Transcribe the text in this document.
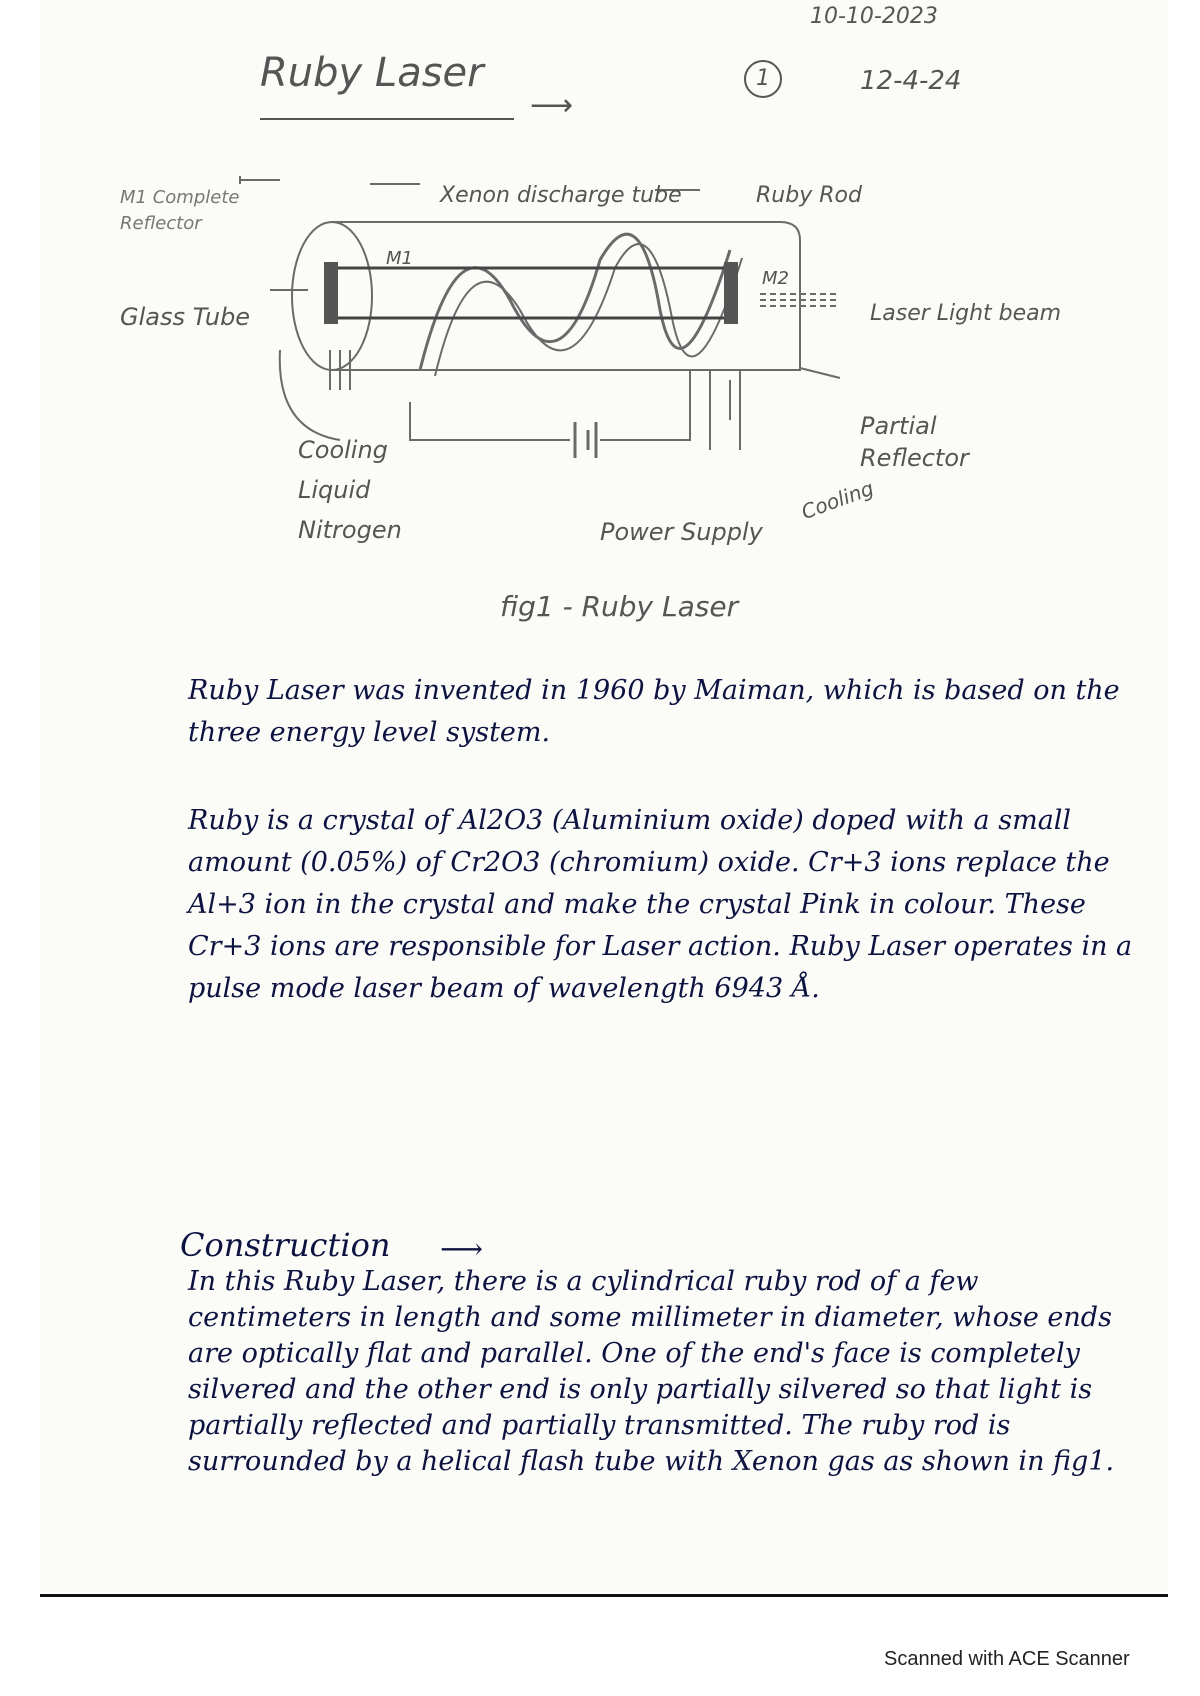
10-10-2023
1	12-4-24
Ruby Laser
⟶
M1 Complete Reflector
Glass Tube
Xenon discharge tube	Ruby Rod
M1
M2
Laser Light beam
Partial Reflector
Cooling Liquid Nitrogen
Cooling
Power Supply
fig1 - Ruby Laser
Ruby Laser was invented in 1960 by Maiman, which is based on the three energy level system.
Ruby is a crystal of Al2O3 (Aluminium oxide) doped with a small amount (0.05%) of Cr2O3 (chromium) oxide. Cr+3 ions replace the Al+3 ion in the crystal and make the crystal Pink in colour. These Cr+3 ions are responsible for Laser action. Ruby Laser operates in a pulse mode laser beam of wavelength 6943 Å.
Construction ⟶
In this Ruby Laser, there is a cylindrical ruby rod of a few centimeters in length and some millimeter in diameter, whose ends are optically flat and parallel. One of the end's face is completely silvered and the other end is only partially silvered so that light is partially reflected and partially transmitted. The ruby rod is surrounded by a helical flash tube with Xenon gas as shown in fig1.
Scanned with ACE Scanner
